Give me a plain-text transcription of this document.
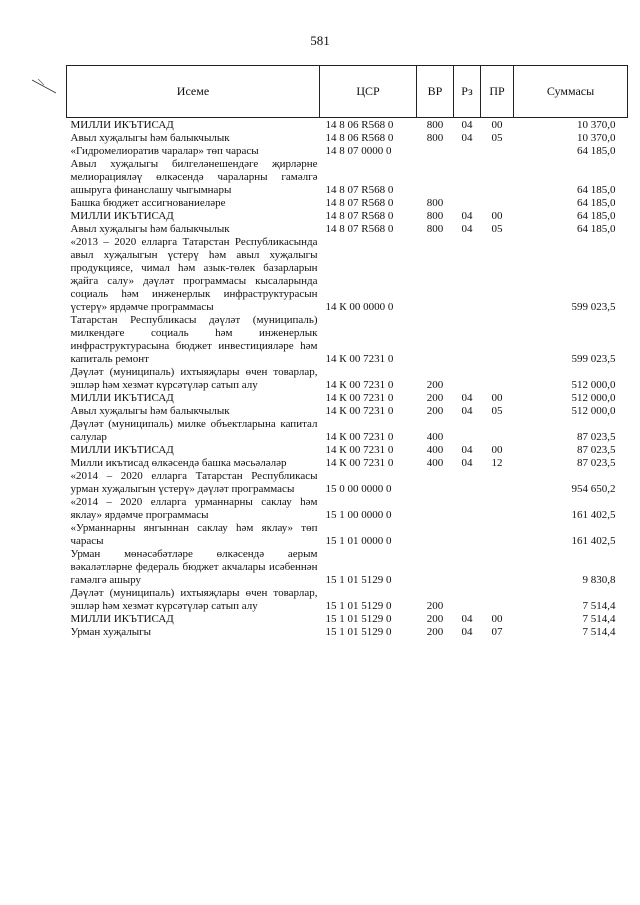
581
Исеме	ЦСР	ВР	Рз	ПР	Суммасы
МИЛЛИ ИКЪТИСАД	14 8 06 R568 0	800	04	00	10 370,0
Авыл хуҗалыгы һәм балыкчылык	14 8 06 R568 0	800	04	05	10 370,0
«Гидромелиоратив чаралар» төп чарасы	14 8 07 0000 0				64 185,0
Авыл хуҗалыгы билгеләнешендәге җирләрне мелиорацияләү өлкәсендә чараларны гамәлгә ашыруга финанслашу чыгымнары	14 8 07 R568 0				64 185,0
Башка бюджет ассигнованиеләре	14 8 07 R568 0	800			64 185,0
МИЛЛИ ИКЪТИСАД	14 8 07 R568 0	800	04	00	64 185,0
Авыл хуҗалыгы һәм балыкчылык	14 8 07 R568 0	800	04	05	64 185,0
«2013 – 2020 елларга Татарстан Республикасында авыл хуҗалыгын үстерү һәм авыл хуҗалыгы продукциясе, чимал һәм азык-төлек базарларын җайга салу» дәүләт программасы кысаларында социаль һәм инженерлык инфраструктурасын үстерү» ярдәмче программасы	14 К 00 0000 0				599 023,5
Татарстан Республикасы дәүләт (муниципаль) милкендәге социаль һәм инженерлык инфраструктурасына бюджет инвестицияләре һәм капиталь ремонт	14 К 00 7231 0				599 023,5
Дәүләт (муниципаль) ихтыяҗлары өчен товарлар, эшләр һәм хезмәт күрсәтүләр сатып алу	14 К 00 7231 0	200			512 000,0
МИЛЛИ ИКЪТИСАД	14 К 00 7231 0	200	04	00	512 000,0
Авыл хуҗалыгы һәм балыкчылык	14 К 00 7231 0	200	04	05	512 000,0
Дәүләт (муниципаль) милке объектларына капитал салулар	14 К 00 7231 0	400			87 023,5
МИЛЛИ ИКЪТИСАД	14 К 00 7231 0	400	04	00	87 023,5
Милли икътисад өлкәсендә башка мәсьәләләр	14 К 00 7231 0	400	04	12	87 023,5
«2014 – 2020 елларга Татарстан Республикасы урман хуҗалыгын үстерү» дәүләт программасы	15 0 00 0000 0				954 650,2
«2014 – 2020 елларга урманнарны саклау һәм яклау» ярдәмче программасы	15 1 00 0000 0				161 402,5
«Урманнарны янгыннан саклау һәм яклау» төп чарасы	15 1 01 0000 0				161 402,5
Урман мөнәсәбәтләре өлкәсендә аерым вәкаләтләрне федераль бюджет акчалары исәбеннән гамәлгә ашыру	15 1 01 5129 0				9 830,8
Дәүләт (муниципаль) ихтыяҗлары өчен товарлар, эшләр һәм хезмәт күрсәтүләр сатып алу	15 1 01 5129 0	200			7 514,4
МИЛЛИ ИКЪТИСАД	15 1 01 5129 0	200	04	00	7 514,4
Урман хуҗалыгы	15 1 01 5129 0	200	04	07	7 514,4
